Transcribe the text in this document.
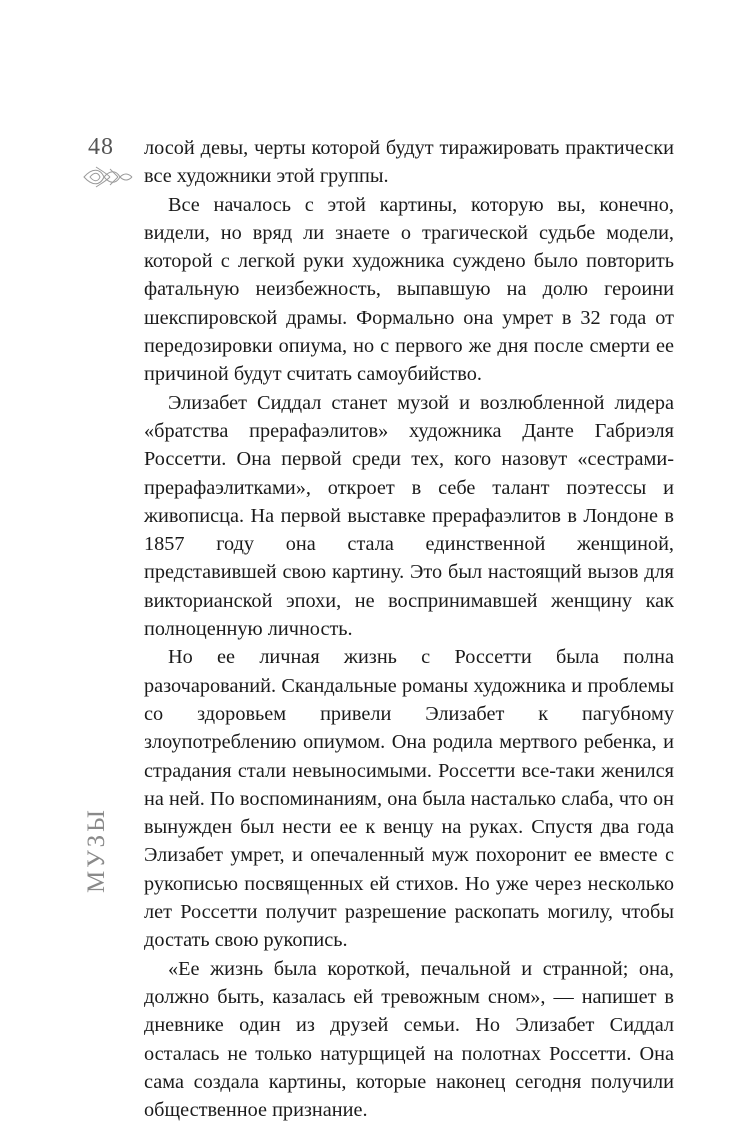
48
МУЗЫ

лосой девы, черты которой будут тиражировать практически все художники этой группы.

Все началось с этой картины, которую вы, конечно, видели, но вряд ли знаете о трагической судьбе модели, которой с легкой руки художника суждено было повторить фатальную неизбежность, выпавшую на долю героини шекспировской драмы. Формально она умрет в 32 года от передозировки опиума, но с первого же дня после смерти ее причиной будут считать самоубийство.

Элизабет Сиддал станет музой и возлюбленной лидера «братства прерафаэлитов» художника Данте Габриэля Россетти. Она первой среди тех, кого назовут «сестрами-прерафаэлитками», откроет в себе талант поэтессы и живописца. На первой выставке прерафаэлитов в Лондоне в 1857 году она стала единственной женщиной, представившей свою картину. Это был настоящий вызов для викторианской эпохи, не воспринимавшей женщину как полноценную личность.

Но ее личная жизнь с Россетти была полна разочарований. Скандальные романы художника и проблемы со здоровьем привели Элизабет к пагубному злоупотреблению опиумом. Она родила мертвого ребенка, и страдания стали невыносимыми. Россетти все-таки женился на ней. По воспоминаниям, она была насталько слаба, что он вынужден был нести ее к венцу на руках. Спустя два года Элизабет умрет, и опечаленный муж похоронит ее вместе с рукописью посвященных ей стихов. Но уже через несколько лет Россетти получит разрешение раскопать могилу, чтобы достать свою рукопись.

«Ее жизнь была короткой, печальной и странной; она, должно быть, казалась ей тревожным сном», — напишет в дневнике один из друзей семьи. Но Элизабет Сиддал осталась не только натурщицей на полотнах Россетти. Она сама создала картины, которые наконец сегодня получили общественное признание.
